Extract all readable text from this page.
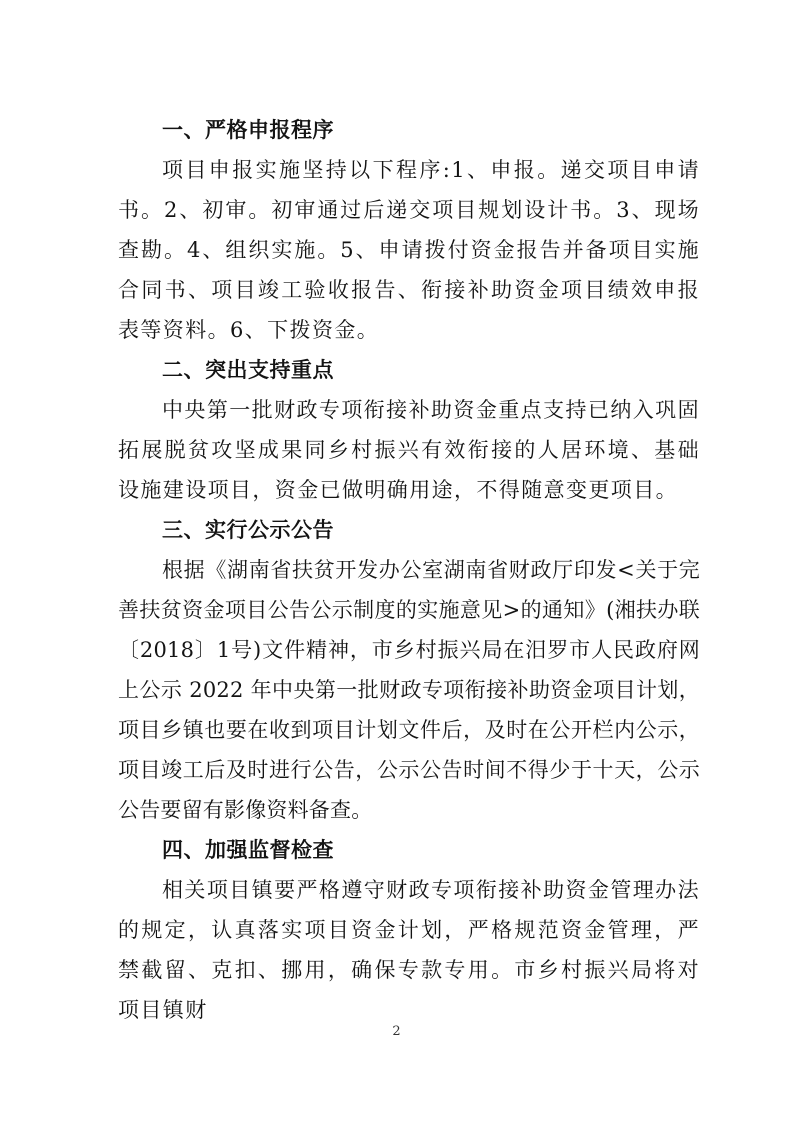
一、严格申报程序

项目申报实施坚持以下程序:1、申报。递交项目申请书。2、初审。初审通过后递交项目规划设计书。3、现场查勘。4、组织实施。5、申请拨付资金报告并备项目实施合同书、项目竣工验收报告、衔接补助资金项目绩效申报表等资料。6、下拨资金。

二、突出支持重点

中央第一批财政专项衔接补助资金重点支持已纳入巩固拓展脱贫攻坚成果同乡村振兴有效衔接的人居环境、基础设施建设项目，资金已做明确用途，不得随意变更项目。

三、实行公示公告

根据《湖南省扶贫开发办公室湖南省财政厅印发<关于完善扶贫资金项目公告公示制度的实施意见>的通知》(湘扶办联〔2018〕1号)文件精神，市乡村振兴局在汨罗市人民政府网上公示 2022 年中央第一批财政专项衔接补助资金项目计划，项目乡镇也要在收到项目计划文件后，及时在公开栏内公示，项目竣工后及时进行公告，公示公告时间不得少于十天，公示公告要留有影像资料备查。

四、加强监督检查

相关项目镇要严格遵守财政专项衔接补助资金管理办法的规定，认真落实项目资金计划，严格规范资金管理，严禁截留、克扣、挪用，确保专款专用。市乡村振兴局将对项目镇财

2
